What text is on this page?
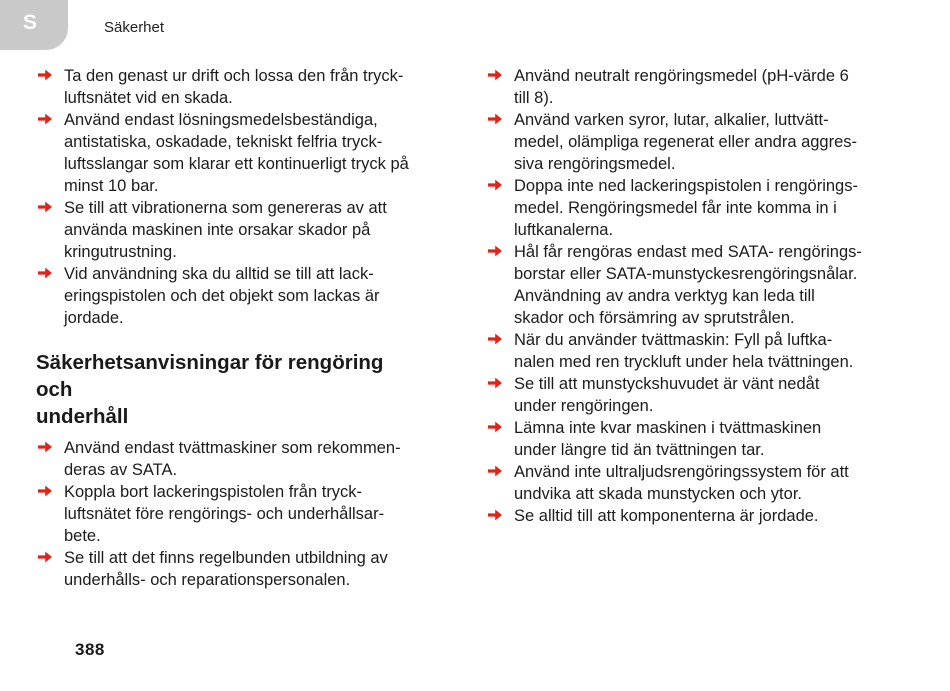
S	Säkerhet
Ta den genast ur drift och lossa den från tryck-
luftsnätet vid en skada.
Använd endast lösningsmedelsbeständiga,
antistatiska, oskadade, tekniskt felfria tryck-
luftsslangar som klarar ett kontinuerligt tryck på
minst 10 bar.
Se till att vibrationerna som genereras av att
använda maskinen inte orsakar skador på
kringutrustning.
Vid användning ska du alltid se till att lack-
eringspistolen och det objekt som lackas är
jordade.
Säkerhetsanvisningar för rengöring
och
underhåll
Använd endast tvättmaskiner som rekommen-
deras av SATA.
Koppla bort lackeringspistolen från tryck-
luftsnätet före rengörings- och underhållsar-
bete.
Se till att det finns regelbunden utbildning av
underhålls- och reparationspersonalen.
Använd neutralt rengöringsmedel (pH-värde 6
till 8).
Använd varken syror, lutar, alkalier, luttvätt-
medel, olämpliga regenerat eller andra aggres-
siva rengöringsmedel.
Doppa inte ned lackeringspistolen i rengörings-
medel. Rengöringsmedel får inte komma in i
luftkanalerna.
Hål får rengöras endast med SATA- rengörings-
borstar eller SATA-munstyckesrengöringsnålar.
Användning av andra verktyg kan leda till
skador och försämring av sprutstrålen.
När du använder tvättmaskin: Fyll på luftka-
nalen med ren tryckluft under hela tvättningen.
Se till att munstyckshuvudet är vänt nedåt
under rengöringen.
Lämna inte kvar maskinen i tvättmaskinen
under längre tid än tvättningen tar.
Använd inte ultraljudsrengöringssystem för att
undvika att skada munstycken och ytor.
Se alltid till att komponenterna är jordade.
388
